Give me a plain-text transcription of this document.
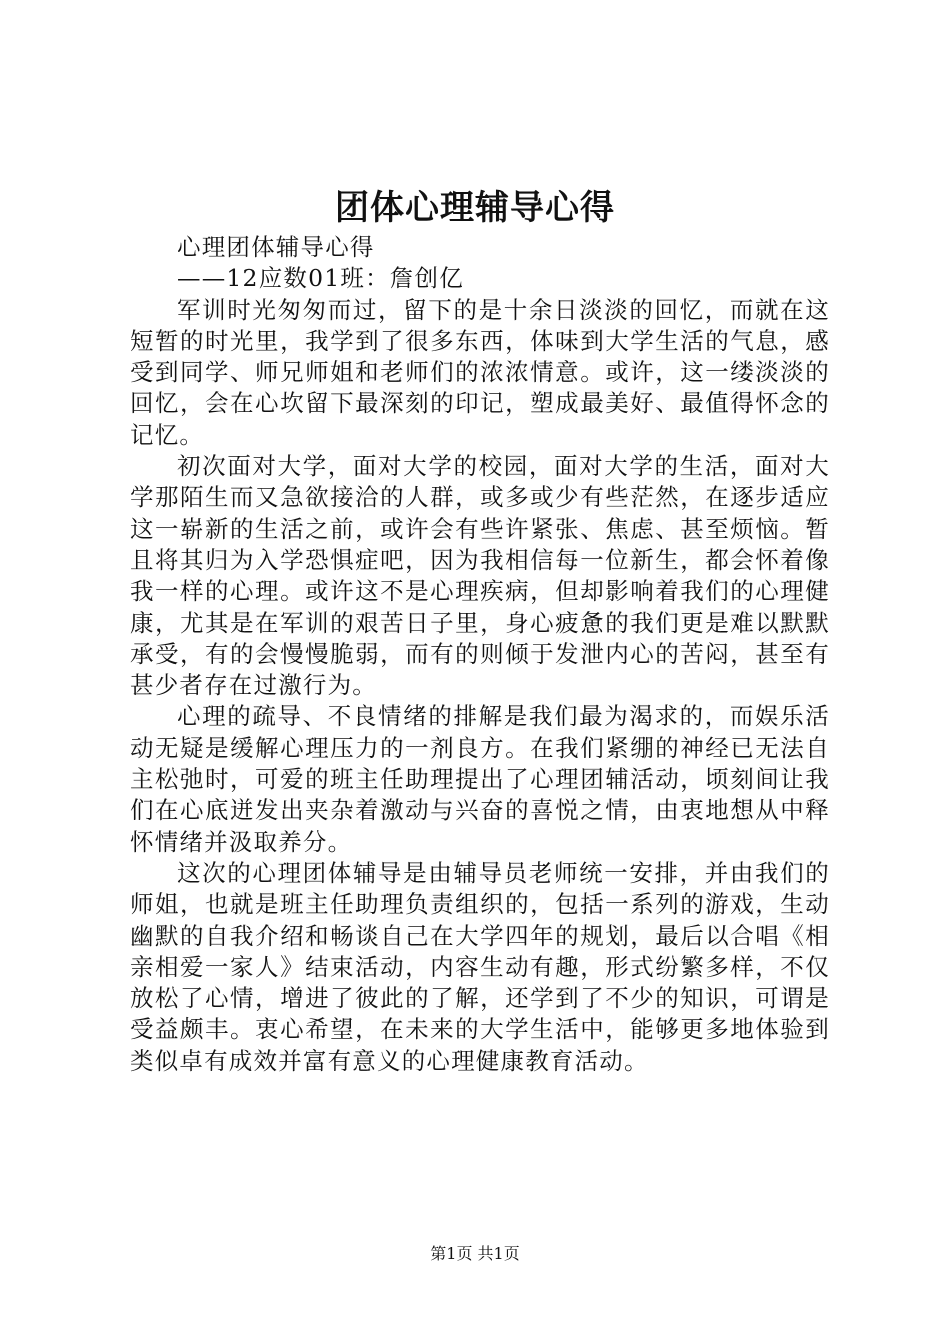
团体心理辅导心得

心理团体辅导心得

——12应数01班：詹创亿

军训时光匆匆而过，留下的是十余日淡淡的回忆，而就在这短暂的时光里，我学到了很多东西，体味到大学生活的气息，感受到同学、师兄师姐和老师们的浓浓情意。或许，这一缕淡淡的回忆，会在心坎留下最深刻的印记，塑成最美好、最值得怀念的记忆。

初次面对大学，面对大学的校园，面对大学的生活，面对大学那陌生而又急欲接洽的人群，或多或少有些茫然，在逐步适应这一崭新的生活之前，或许会有些许紧张、焦虑、甚至烦恼。暂且将其归为入学恐惧症吧，因为我相信每一位新生，都会怀着像我一样的心理。或许这不是心理疾病，但却影响着我们的心理健康，尤其是在军训的艰苦日子里，身心疲惫的我们更是难以默默承受，有的会慢慢脆弱，而有的则倾于发泄内心的苦闷，甚至有甚少者存在过激行为。

心理的疏导、不良情绪的排解是我们最为渴求的，而娱乐活动无疑是缓解心理压力的一剂良方。在我们紧绷的神经已无法自主松弛时，可爱的班主任助理提出了心理团辅活动，顷刻间让我们在心底迸发出夹杂着激动与兴奋的喜悦之情，由衷地想从中释怀情绪并汲取养分。

这次的心理团体辅导是由辅导员老师统一安排，并由我们的师姐，也就是班主任助理负责组织的，包括一系列的游戏，生动幽默的自我介绍和畅谈自己在大学四年的规划，最后以合唱《相亲相爱一家人》结束活动，内容生动有趣，形式纷繁多样，不仅放松了心情，增进了彼此的了解，还学到了不少的知识，可谓是受益颇丰。衷心希望，在未来的大学生活中，能够更多地体验到类似卓有成效并富有意义的心理健康教育活动。

第1页 共1页
